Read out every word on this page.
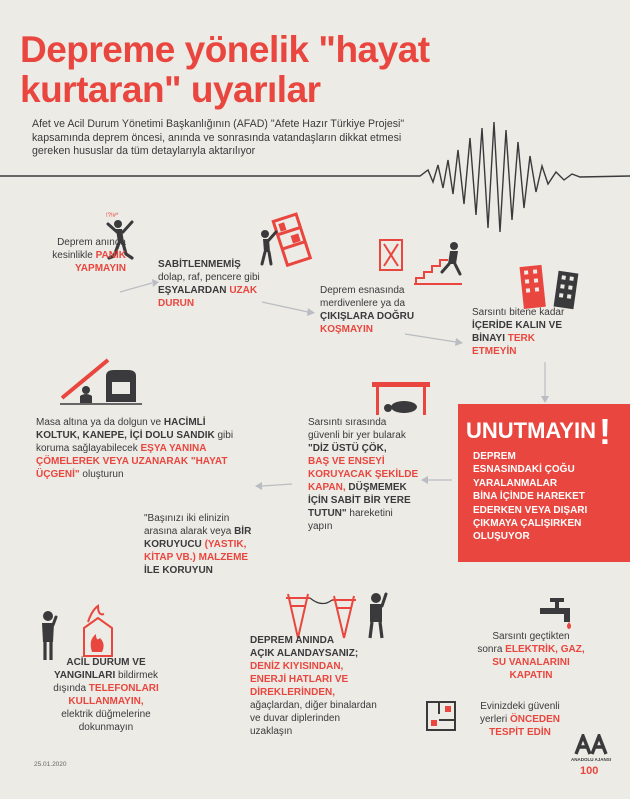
Depreme yönelik "hayat
kurtaran" uyarılar
Afet ve Acil Durum Yönetimi Başkanlığının (AFAD) "Afete Hazır Türkiye Projesi" kapsamında deprem öncesi, anında ve sonrasında vatandaşların dikkat etmesi gereken hususlar da tüm detaylarıyla aktarılıyor
!?!#*
Deprem anında
kesinlikle PANİK
YAPMAYIN	SABİTLENMEMİŞ
dolap, raf, pencere gibi
EŞYALARDAN UZAK
DURUN
Deprem esnasında
merdivenlere ya da
ÇIKIŞLARA DOĞRU
KOŞMAYIN
Sarsıntı bitene kadar
İÇERİDE KALIN VE
BİNAYI TERK
ETMEYİN
Masa altına ya da dolgun ve HACİMLİ
KOLTUK, KANEPE, İÇİ DOLU SANDIK gibi
koruma sağlayabilecek EŞYA YANINA
ÇÖMELEREK VEYA UZANARAK "HAYAT
ÜÇGENİ" oluşturun
Sarsıntı sırasında
güvenli bir yer bularak
"DİZ ÜSTÜ ÇÖK,
BAŞ VE ENSEYİ
KORUYACAK ŞEKİLDE
KAPAN, DÜŞMEMEK
İÇİN SABİT BİR YERE
TUTUN" hareketini
yapın
"Başınızı iki elinizin
arasına alarak veya BİR
KORUYUCU (YASTIK,
KİTAP VB.) MALZEME
İLE KORUYUN
UNUTMAYIN!
DEPREM
ESNASINDAKİ ÇOĞU
YARALANMALAR
BİNA İÇİNDE HAREKET
EDERKEN VEYA DIŞARI
ÇIKMAYA ÇALIŞIRKEN
OLUŞUYOR
ACİL DURUM VE
YANGINLARI bildirmek
dışında TELEFONLARI
KULLANMAYIN,
elektrik düğmelerine
dokunmayın
DEPREM ANINDA
AÇIK ALANDAYSANIZ;
DENİZ KIYISINDAN,
ENERJİ HATLARI VE
DİREKLERİNDEN,
ağaçlardan, diğer binalardan
ve duvar diplerinden
uzaklaşın
Sarsıntı geçtikten
sonra ELEKTRİK, GAZ,
SU VANALARINI
KAPATIN
Evinizdeki güvenli
yerleri ÖNCEDEN
TESPİT EDİN
25.01.2020
ANADOLU AJANSI
100
